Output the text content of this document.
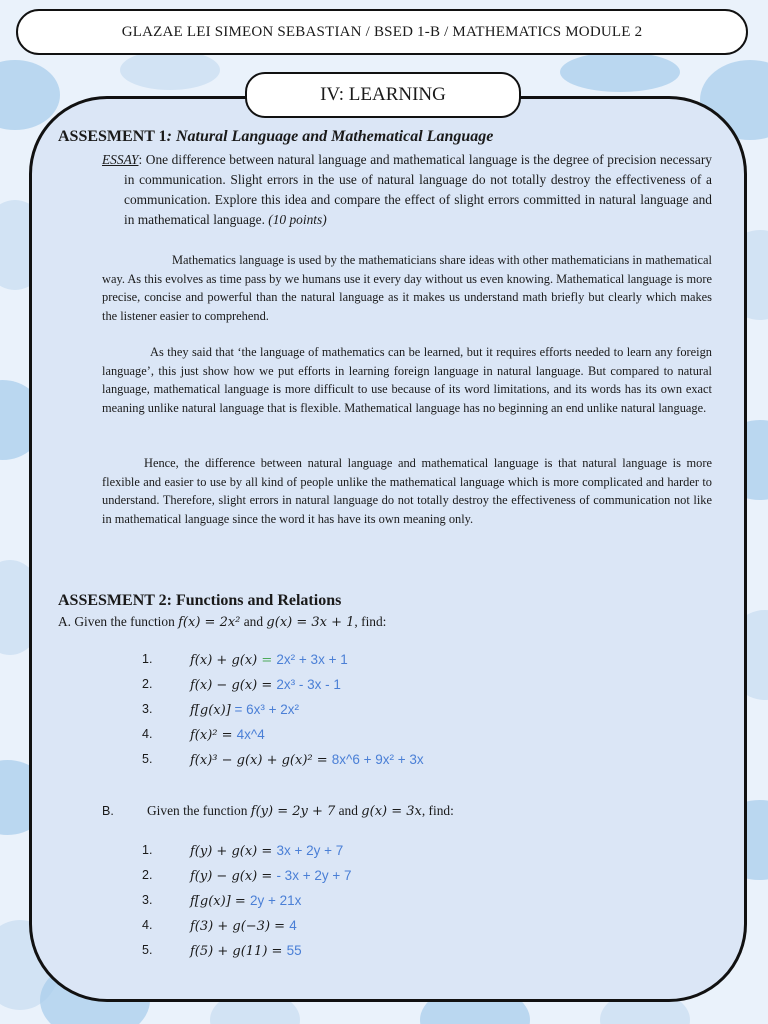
GLAZAE LEI SIMEON SEBASTIAN / BSED 1-B / MATHEMATICS MODULE 2
IV: LEARNING
ASSESMENT 1: Natural Language and Mathematical Language
ESSAY: One difference between natural language and mathematical language is the degree of precision necessary in communication. Slight errors in the use of natural language do not totally destroy the effectiveness of a communication. Explore this idea and compare the effect of slight errors committed in natural language and in mathematical language. (10 points)
Mathematics language is used by the mathematicians share ideas with other mathematicians in mathematical way. As this evolves as time pass by we humans use it every day without us even knowing. Mathematical language is more precise, concise and powerful than the natural language as it makes us understand math briefly but clearly which makes the listener easier to comprehend.
As they said that ‘the language of mathematics can be learned, but it requires efforts needed to learn any foreign language’, this just show how we put efforts in learning foreign language in natural language. But compared to natural language, mathematical language is more difficult to use because of its word limitations, and its words has its own exact meaning unlike natural language that is flexible. Mathematical language has no beginning an end unlike natural language.
Hence, the difference between natural language and mathematical language is that natural language is more flexible and easier to use by all kind of people unlike the mathematical language which is more complicated and harder to understand. Therefore, slight errors in natural language do not totally destroy the effectiveness of communication not like in mathematical language since the word it has have its own meaning only.
ASSESMENT 2: Functions and Relations
A. Given the function f(x) = 2x² and g(x) = 3x + 1, find:
1.	f(x) + g(x) = 2x² + 3x + 1
2.	f(x) − g(x) = 2x³ - 3x - 1
3.	f[g(x)] = 6x³ + 2x²
4.	f(x)² = 4x^4
5.	f(x)³ − g(x) + g(x)² = 8x^6 + 9x² + 3x
B. Given the function f(y) = 2y + 7 and g(x) = 3x, find:
1.	f(y) + g(x) = 3x + 2y + 7
2.	f(y) − g(x) = - 3x + 2y + 7
3.	f[g(x)] = 2y + 21x
4.	f(3) + g(−3) = 4
5.	f(5) + g(11) = 55
